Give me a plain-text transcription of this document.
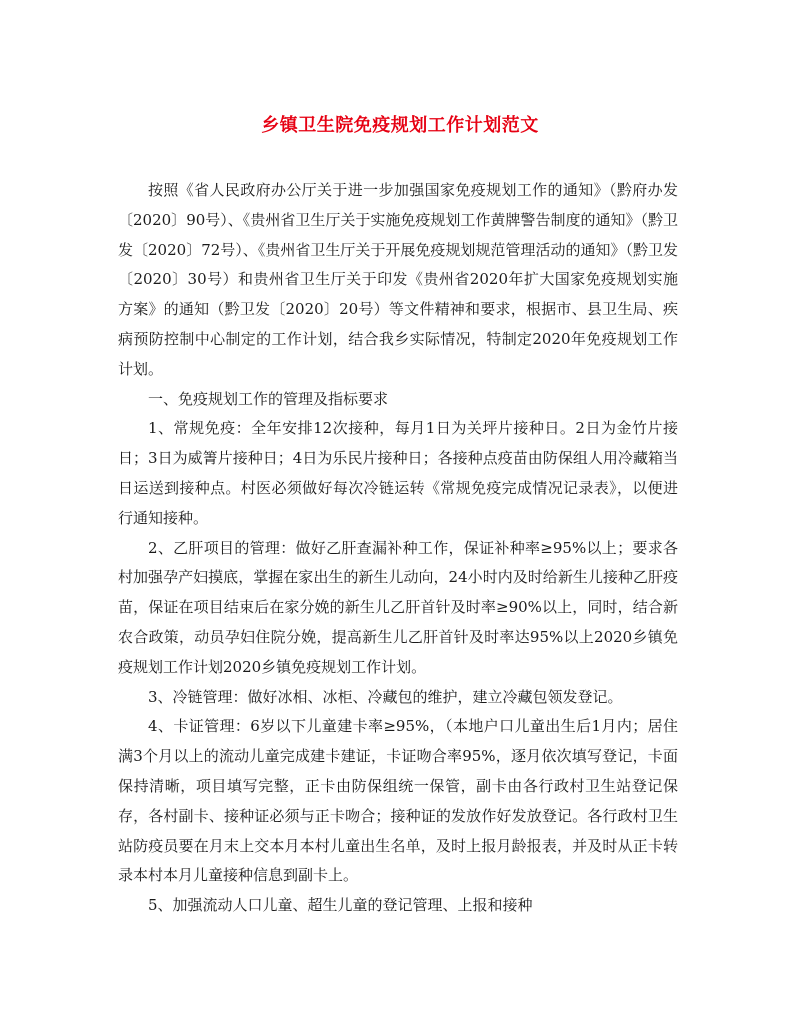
乡镇卫生院免疫规划工作计划范文

按照《省人民政府办公厅关于进一步加强国家免疫规划工作的通知》（黔府办发〔2020〕90号）、《贵州省卫生厅关于实施免疫规划工作黄牌警告制度的通知》（黔卫发〔2020〕72号）、《贵州省卫生厅关于开展免疫规划规范管理活动的通知》（黔卫发〔2020〕30号）和贵州省卫生厅关于印发《贵州省2020年扩大国家免疫规划实施方案》的通知（黔卫发〔2020〕20号）等文件精神和要求，根据市、县卫生局、疾病预防控制中心制定的工作计划，结合我乡实际情况，特制定2020年免疫规划工作计划。

一、免疫规划工作的管理及指标要求

1、常规免疫：全年安排12次接种，每月1日为关坪片接种日。2日为金竹片接日；3日为威箐片接种日；4日为乐民片接种日；各接种点疫苗由防保组人用冷藏箱当日运送到接种点。村医必须做好每次冷链运转《常规免疫完成情况记录表》，以便进行通知接种。

2、乙肝项目的管理：做好乙肝查漏补种工作，保证补种率≥95%以上；要求各村加强孕产妇摸底，掌握在家出生的新生儿动向，24小时内及时给新生儿接种乙肝疫苗，保证在项目结束后在家分娩的新生儿乙肝首针及时率≥90%以上，同时，结合新农合政策，动员孕妇住院分娩，提高新生儿乙肝首针及时率达95%以上2020乡镇免疫规划工作计划2020乡镇免疫规划工作计划。

3、冷链管理：做好冰相、冰柜、冷藏包的维护，建立冷藏包领发登记。

4、卡证管理：6岁以下儿童建卡率≥95%，（本地户口儿童出生后1月内；居住满3个月以上的流动儿童完成建卡建证，卡证吻合率95%，逐月依次填写登记，卡面保持清晰，项目填写完整，正卡由防保组统一保管，副卡由各行政村卫生站登记保存，各村副卡、接种证必须与正卡吻合；接种证的发放作好发放登记。各行政村卫生站防疫员要在月末上交本月本村儿童出生名单，及时上报月龄报表，并及时从正卡转录本村本月儿童接种信息到副卡上。

5、加强流动人口儿童、超生儿童的登记管理、上报和接种
